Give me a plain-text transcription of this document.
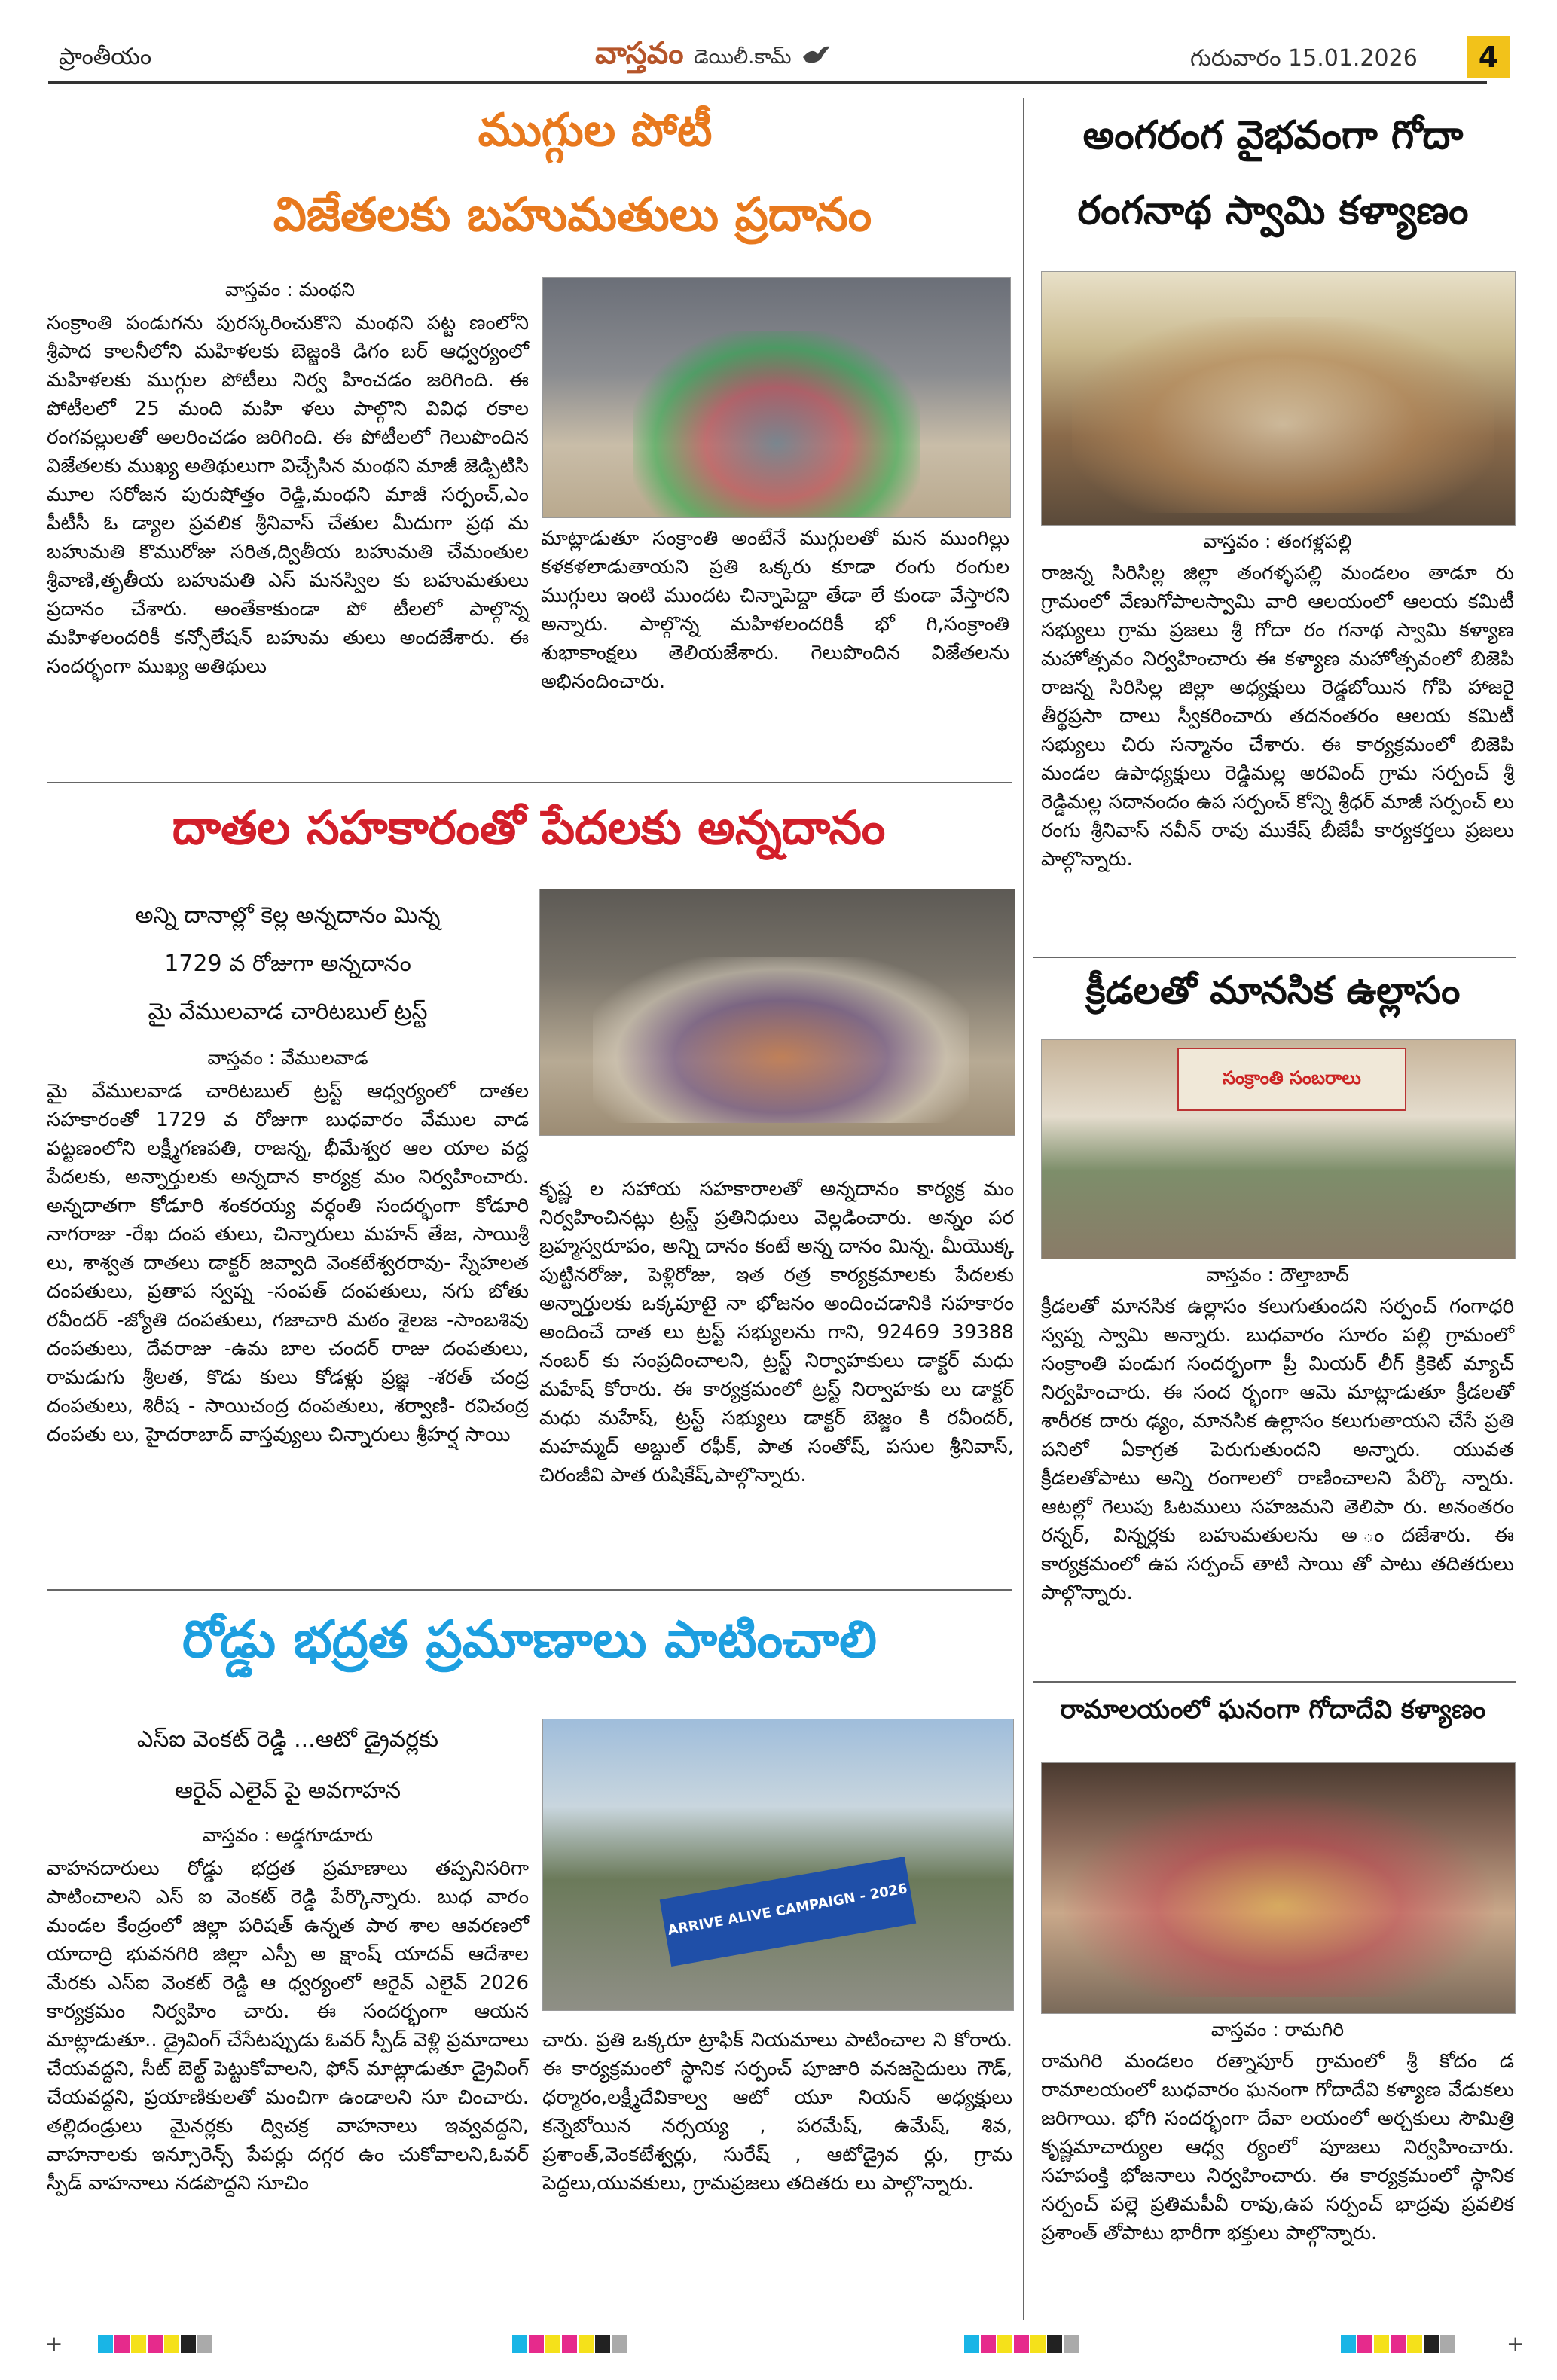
ప్రాంతీయం	వాస్తవం డెయిలీ.కామ్	గురువారం 15.01.2026	4
ముగ్గుల పోటీ
విజేతలకు బహుమతులు ప్రదానం
వాస్తవం : మంథని
సంక్రాంతి పండుగను పురస్కరించుకొని మంథని పట్ట ణంలోని శ్రీపాద కాలనీలోని మహిళలకు బెజ్జంకి డిగం బర్ ఆధ్వర్యంలో మహిళలకు ముగ్గుల పోటీలు నిర్వ హించడం జరిగింది. ఈ పోటీలలో 25 మంది మహి ళలు పాల్గొని వివిధ రకాల రంగవల్లులతో అలరించడం జరిగింది. ఈ పోటీలలో గెలుపొందిన విజేతలకు ముఖ్య అతిథులుగా విచ్చేసిన మంథని మాజీ జెడ్పిటిసి మూల సరోజన పురుషోత్తం రెడ్డి,మంథని మాజీ సర్పంచ్,ఎం పీటీసీ ఓ డ్యాల ప్రవలిక శ్రీనివాస్ చేతుల మీదుగా ప్రథ మ బహుమతి కొమురోజు సరిత,ద్వితీయ బహుమతి చేమంతుల శ్రీవాణి,తృతీయ బహుమతి ఎస్ మనస్విల కు బహుమతులు ప్రదానం చేశారు. అంతేకాకుండా పో టీలలో పాల్గొన్న మహిళలందరికీ కన్సోలేషన్ బహుమ తులు అందజేశారు. ఈ సందర్భంగా ముఖ్య అతిథులు
మాట్లాడుతూ సంక్రాంతి అంటేనే ముగ్గులతో మన ముంగిల్లు కళకళలాడుతాయని ప్రతి ఒక్కరు కూడా రంగు రంగుల ముగ్గులు ఇంటి ముందట చిన్నాపెద్దా తేడా లే కుండా వేస్తారని అన్నారు. పాల్గొన్న మహిళలందరికీ భో గి,సంక్రాంతి శుభాకాంక్షలు తెలియజేశారు. గెలుపొందిన విజేతలను అభినందించారు.
దాతల సహకారంతో పేదలకు అన్నదానం
అన్ని దానాల్లో కెల్ల అన్నదానం మిన్న
1729 వ రోజుగా అన్నదానం
మై వేములవాడ చారిటబుల్ ట్రస్ట్
వాస్తవం : వేములవాడ
మై వేములవాడ చారిటబుల్ ట్రస్ట్ ఆధ్వర్యంలో దాతల సహకారంతో 1729 వ రోజుగా బుధవారం వేముల వాడ పట్టణంలోని లక్ష్మీగణపతి, రాజన్న, భీమేశ్వర ఆల యాల వద్ద పేదలకు, అన్నార్తులకు అన్నదాన కార్యక్ర మం నిర్వహించారు. అన్నదాతగా కోడూరి శంకరయ్య వర్ధంతి సందర్భంగా కోడూరి నాగరాజు -రేఖ దంప తులు, చిన్నారులు మహన్ తేజ, సాయిశ్రీ లు, శాశ్వత దాతలు డాక్టర్ జవ్వాది వెంకటేశ్వరరావు- స్నేహలత దంపతులు, ప్రతాప స్వప్న -సంపత్ దంపతులు, నగు బోతు రవీందర్ -జ్యోతి దంపతులు, గజాచారి మఠం శైలజ -సాంబశివు దంపతులు, దేవరాజు -ఉమ బాల చందర్ రాజు దంపతులు, రామడుగు శ్రీలత, కొడు కులు కోడళ్లు ప్రజ్ఞ -శరత్ చంద్ర దంపతులు, శిరీష - సాయిచంద్ర దంపతులు, శర్వాణి- రవిచంద్ర దంపతు లు, హైదరాబాద్ వాస్తవ్యులు చిన్నారులు శ్రీహర్ష సాయి
కృష్ణ ల సహాయ సహకారాలతో అన్నదానం కార్యక్ర మం నిర్వహించినట్లు ట్రస్ట్ ప్రతినిధులు వెల్లడించారు. అన్నం పర బ్రహ్మస్వరూపం, అన్ని దానం కంటే అన్న దానం మిన్న. మీయొక్క పుట్టినరోజు, పెళ్లిరోజు, ఇత రత్ర కార్యక్రమాలకు పేదలకు అన్నార్తులకు ఒక్కపూటై నా భోజనం అందించడానికి సహకారం అందించే దాత లు ట్రస్ట్ సభ్యులను గాని, 92469 39388 నంబర్ కు సంప్రదించాలని, ట్రస్ట్ నిర్వాహకులు డాక్టర్ మధు మహేష్ కోరారు. ఈ కార్యక్రమంలో ట్రస్ట్ నిర్వాహకు లు డాక్టర్ మధు మహేష్, ట్రస్ట్ సభ్యులు డాక్టర్ బెజ్జం కి రవీందర్, మహమ్మద్ అబ్దుల్ రఫీక్, పాత సంతోష్, పసుల శ్రీనివాస్, చిరంజీవి పాత రుషికేష్,పాల్గొన్నారు.
రోడ్డు భద్రత ప్రమాణాలు పాటించాలి
ఎస్ఐ వెంకట్ రెడ్డి ...ఆటో డ్రైవర్లకు
ఆరైవ్ ఎలైవ్ పై అవగాహన
వాస్తవం : అడ్డగూడూరు
వాహనదారులు రోడ్డు భద్రత ప్రమాణాలు తప్పనిసరిగా పాటించాలని ఎస్ ఐ వెంకట్ రెడ్డి పేర్కొన్నారు. బుధ వారం మండల కేంద్రంలో జిల్లా పరిషత్ ఉన్నత పాఠ శాల ఆవరణలో యాదాద్రి భువనగిరి జిల్లా ఎస్పీ అ క్షాంష్ యాదవ్ ఆదేశాల మేరకు ఎస్ఐ వెంకట్ రెడ్డి ఆ ధ్వర్యంలో ఆరైవ్ ఎలైవ్ 2026 కార్యక్రమం నిర్వహిం చారు. ఈ సందర్భంగా ఆయన మాట్లాడుతూ.. డ్రైవింగ్ చేసేటప్పుడు ఓవర్ స్పీడ్ వెళ్లి ప్రమాదాలు చేయవద్దని, సీట్ బెల్ట్ పెట్టుకోవాలని, ఫోన్ మాట్లాడుతూ డ్రైవింగ్ చేయవద్దని, ప్రయాణికులతో మంచిగా ఉండాలని సూ చించారు. తల్లిదండ్రులు మైనర్లకు ద్విచక్ర వాహనాలు ఇవ్వవద్దని, వాహనాలకు ఇన్సూరెన్స్ పేపర్లు దగ్గర ఉం చుకోవాలని,ఓవర్ స్పీడ్ వాహనాలు నడపొద్దని సూచిం
ARRIVE ALIVE CAMPAIGN - 2026
చారు. ప్రతి ఒక్కరూ ట్రాఫిక్ నియమాలు పాటించాల ని కోరారు. ఈ కార్యక్రమంలో స్థానిక సర్పంచ్ పూజారి వనజసైదులు గౌడ్, ధర్మారం,లక్ష్మీదేవికాల్వ ఆటో యూ నియన్ అధ్యక్షులు కన్నెబోయిన నర్సయ్య , పరమేష్, ఉమేష్, శివ, ప్రశాంత్,వెంకటేశ్వర్లు, సురేష్ , ఆటోడ్రైవ ర్లు, గ్రామ పెద్దలు,యువకులు, గ్రామప్రజలు తదితరు లు పాల్గొన్నారు.
అంగరంగ వైభవంగా గోదా
రంగనాథ స్వామి కళ్యాణం
వాస్తవం : తంగళ్లపల్లి
రాజన్న సిరిసిల్ల జిల్లా తంగళ్ళపల్లి మండలం తాడూ రు గ్రామంలో వేణుగోపాలస్వామి వారి ఆలయంలో ఆలయ కమిటీ సభ్యులు గ్రామ ప్రజలు శ్రీ గోదా రం గనాథ స్వామి కళ్యాణ మహోత్సవం నిర్వహించారు ఈ కళ్యాణ మహోత్సవంలో బిజెపి రాజన్న సిరిసిల్ల జిల్లా అధ్యక్షులు రెడ్డబోయిన గోపి హాజరై తీర్థప్రసా దాలు స్వీకరించారు తదనంతరం ఆలయ కమిటీ సభ్యులు చిరు సన్మానం చేశారు. ఈ కార్యక్రమంలో బిజెపి మండల ఉపాధ్యక్షులు రెడ్డిమల్ల అరవింద్ గ్రామ సర్పంచ్ శ్రీ రెడ్డిమల్ల సదానందం ఉప సర్పంచ్ కోన్ని శ్రీధర్ మాజీ సర్పంచ్ లు రంగు శ్రీనివాస్ నవీన్ రావు ముకేష్ బీజేపీ కార్యకర్తలు ప్రజలు పాల్గొన్నారు.
క్రీడలతో మానసిక ఉల్లాసం
సంక్రాంతి సంబరాలు
వాస్తవం : దౌల్తాబాద్
క్రీడలతో మానసిక ఉల్లాసం కలుగుతుందని సర్పంచ్ గంగాధరి స్వప్న స్వామి అన్నారు. బుధవారం సూరం పల్లి గ్రామంలో సంక్రాంతి పండుగ సందర్భంగా ప్రీ మియర్ లీగ్ క్రికెట్ మ్యాచ్ నిర్వహించారు. ఈ సంద ర్భంగా ఆమె మాట్లాడుతూ క్రీడలతో శారీరక దారు ఢ్యం, మానసిక ఉల్లాసం కలుగుతాయని చేసే ప్రతి పనిలో ఏకాగ్రత పెరుగుతుందని అన్నారు. యువత క్రీడలతోపాటు అన్ని రంగాలలో రాణించాలని పేర్కొ న్నారు. ఆటల్లో గెలుపు ఓటములు సహజమని తెలిపా రు. అనంతరం రన్నర్, విన్నర్లకు బహుమతులను అ ందజేశారు. ఈ కార్యక్రమంలో ఉప సర్పంచ్ తాటి సాయి తో పాటు తదితరులు పాల్గొన్నారు.
రామాలయంలో ఘనంగా గోదాదేవి కళ్యాణం
వాస్తవం : రామగిరి
రామగిరి మండలం రత్నాపూర్ గ్రామంలో శ్రీ కోదం డ రామాలయంలో బుధవారం ఘనంగా గోదాదేవి కళ్యాణ వేడుకలు జరిగాయి. భోగి సందర్భంగా దేవా లయంలో అర్చకులు సౌమిత్రి కృష్ణమాచార్యుల ఆధ్వ ర్యంలో పూజలు నిర్వహించారు. సహపంక్తి భోజనాలు నిర్వహించారు. ఈ కార్యక్రమంలో స్థానిక సర్పంచ్ పల్లె ప్రతిమపీవీ రావు,ఉప సర్పంచ్ భాద్రవు ప్రవలిక ప్రశాంత్ తోపాటు భారీగా భక్తులు పాల్గొన్నారు.
+	+
